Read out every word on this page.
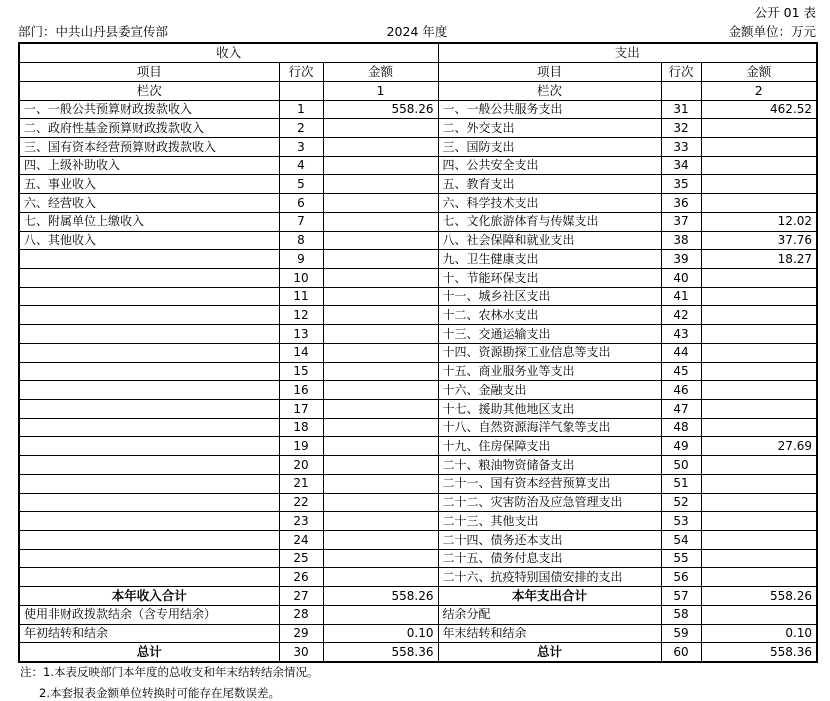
公开 01 表
部门：中共山丹县委宣传部	2024 年度	金额单位：万元
收入			支出		
项目	行次	金额	项目	行次	金额
栏次		1	栏次		2
一、一般公共预算财政拨款收入	1	558.26	一、一般公共服务支出	31	462.52
二、政府性基金预算财政拨款收入	2		二、外交支出	32	
三、国有资本经营预算财政拨款收入	3		三、国防支出	33	
四、上级补助收入	4		四、公共安全支出	34	
五、事业收入	5		五、教育支出	35	
六、经营收入	6		六、科学技术支出	36	
七、附属单位上缴收入	7		七、文化旅游体育与传媒支出	37	12.02
八、其他收入	8		八、社会保障和就业支出	38	37.76
	9		九、卫生健康支出	39	18.27
	10		十、节能环保支出	40	
	11		十一、城乡社区支出	41	
	12		十二、农林水支出	42	
	13		十三、交通运输支出	43	
	14		十四、资源勘探工业信息等支出	44	
	15		十五、商业服务业等支出	45	
	16		十六、金融支出	46	
	17		十七、援助其他地区支出	47	
	18		十八、自然资源海洋气象等支出	48	
	19		十九、住房保障支出	49	27.69
	20		二十、粮油物资储备支出	50	
	21		二十一、国有资本经营预算支出	51	
	22		二十二、灾害防治及应急管理支出	52	
	23		二十三、其他支出	53	
	24		二十四、债务还本支出	54	
	25		二十五、债务付息支出	55	
	26		二十六、抗疫特别国债安排的支出	56	
本年收入合计	27	558.26	本年支出合计	57	558.26
使用非财政拨款结余（含专用结余）	28		结余分配	58	
年初结转和结余	29	0.10	年末结转和结余	59	0.10
总计	30	558.36	总计	60	558.36
注：1.本表反映部门本年度的总收支和年末结转结余情况。
2.本套报表金额单位转换时可能存在尾数误差。
